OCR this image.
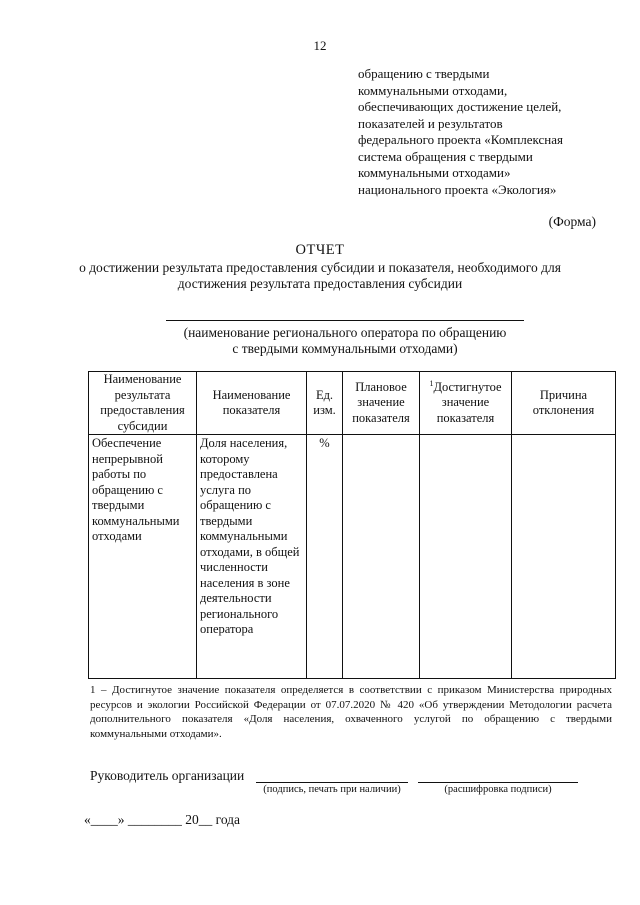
12
обращению с твердыми
коммунальными отходами,
обеспечивающих достижение целей,
показателей и результатов
федерального проекта «Комплексная
система обращения с твердыми
коммунальными отходами»
национального проекта «Экология»
(Форма)
ОТЧЕТ
о достижении результата предоставления субсидии и показателя, необходимого для
достижения результата предоставления субсидии
(наименование регионального оператора по обращению
с твердыми коммунальными отходами)
Наименование результата предоставления субсидии	Наименование показателя	Ед. изм.	Плановое значение показателя	$^1$Достигнутое значение показателя	Причина отклонения
Обеспечение непрерывной работы по обращению с твердыми коммунальными отходами	Доля населения, которому предоставлена услуга по обращению с твердыми коммунальными отходами, в общей численности населения в зоне деятельности регионального оператора	%			
1 – Достигнутое значение показателя определяется в соответствии с приказом Министерства природных ресурсов и экологии Российской Федерации от 07.07.2020 № 420 «Об утверждении Методологии расчета дополнительного показателя «Доля населения, охваченного услугой по обращению с твердыми коммунальными отходами».
Руководитель организации
(подпись, печать при наличии)	(расшифровка подписи)
«____» ________ 20__ года
